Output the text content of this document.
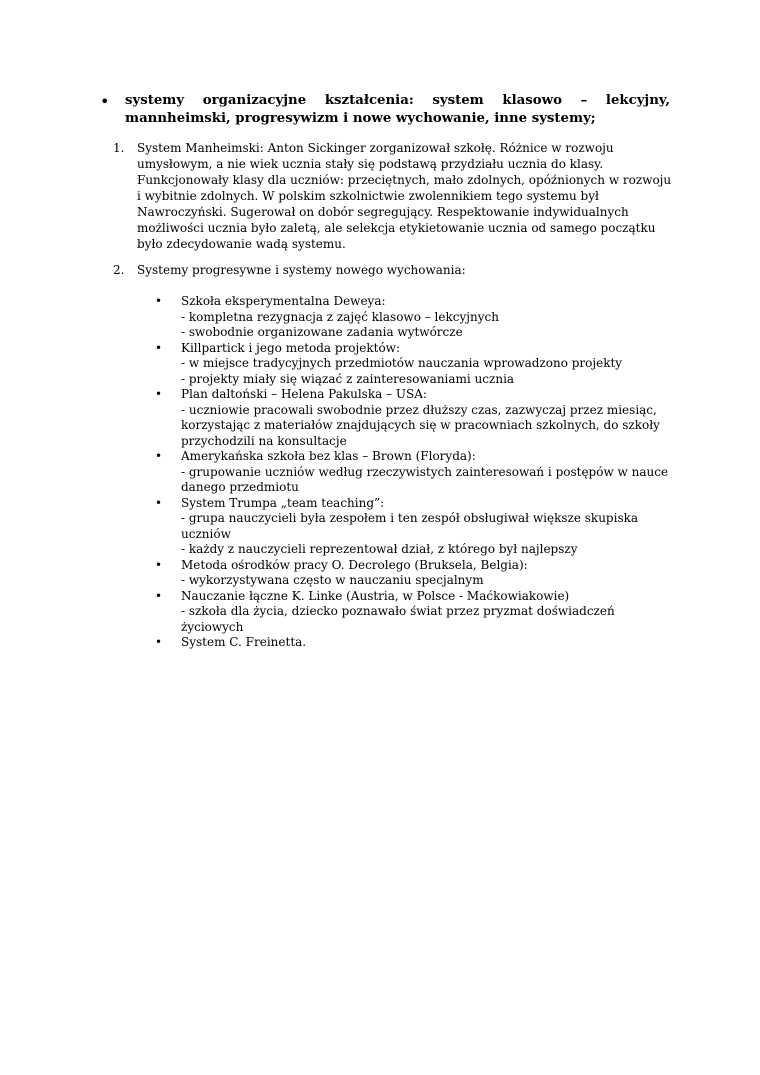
•	systemy organizacyjne kształcenia: system klasowo – lekcyjny, mannheimski, progresywizm i nowe wychowanie, inne systemy;

1. System Manheimski: Anton Sickinger zorganizował szkołę. Różnice w rozwoju umysłowym, a nie wiek ucznia stały się podstawą przydziału ucznia do klasy. Funkcjonowały klasy dla uczniów: przeciętnych, mało zdolnych, opóźnionych w rozwoju i wybitnie zdolnych. W polskim szkolnictwie zwolennikiem tego systemu był Nawroczyński. Sugerował on dobór segregujący. Respektowanie indywidualnych możliwości ucznia było zaletą, ale selekcja etykietowanie ucznia od samego początku było zdecydowanie wadą systemu.

2. Systemy progresywne i systemy nowego wychowania:

• Szkoła eksperymentalna Deweya:
- kompletna rezygnacja z zajęć klasowo – lekcyjnych
- swobodnie organizowane zadania wytwórcze
• Killpartick i jego metoda projektów:
- w miejsce tradycyjnych przedmiotów nauczania wprowadzono projekty
- projekty miały się wiązać z zainteresowaniami ucznia
• Plan daltoński – Helena Pakulska – USA:
- uczniowie pracowali swobodnie przez dłuższy czas, zazwyczaj przez miesiąc, korzystając z materiałów znajdujących się w pracowniach szkolnych, do szkoły przychodzili na konsultacje
• Amerykańska szkoła bez klas – Brown (Floryda):
- grupowanie uczniów według rzeczywistych zainteresowań i postępów w nauce danego przedmiotu
• System Trumpa „team teaching”:
- grupa nauczycieli była zespołem i ten zespół obsługiwał większe skupiska uczniów
- każdy z nauczycieli reprezentował dział, z którego był najlepszy
• Metoda ośrodków pracy O. Decrolego (Bruksela, Belgia):
- wykorzystywana często w nauczaniu specjalnym
• Nauczanie łączne K. Linke (Austria, w Polsce - Maćkowiakowie)
- szkoła dla życia, dziecko poznawało świat przez pryzmat doświadczeń życiowych
• System C. Freinetta.
